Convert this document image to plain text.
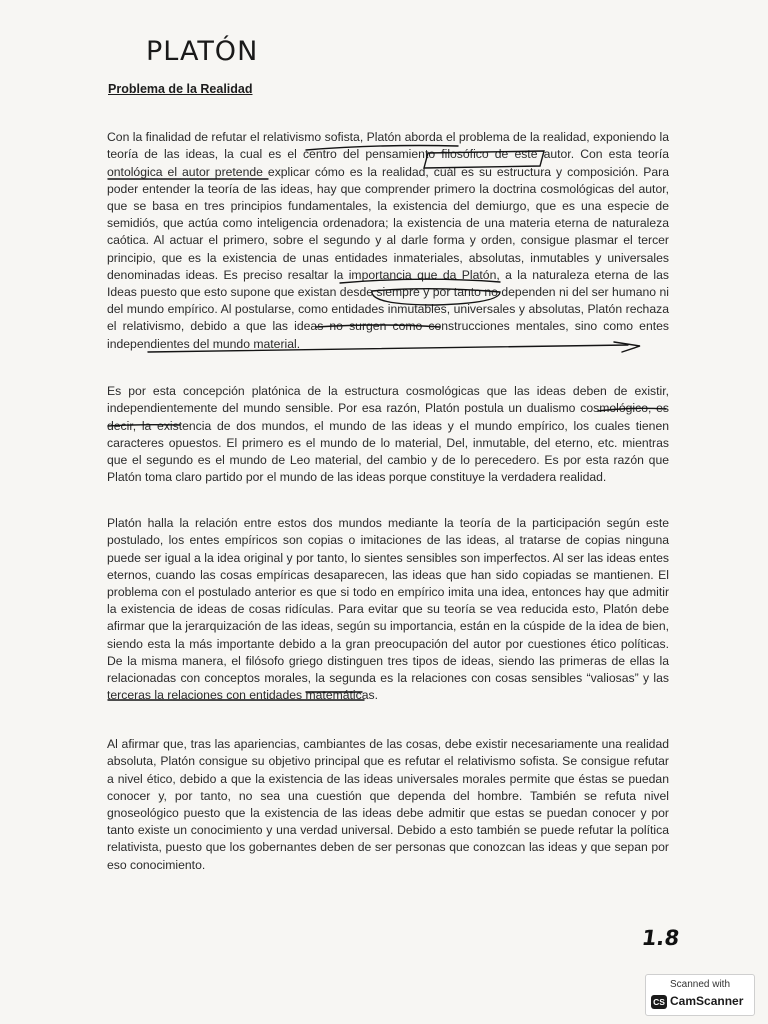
PLATÓN
Problema de la Realidad

Con la finalidad de refutar el relativismo sofista, Platón aborda el problema de la realidad, exponiendo la teoría de las ideas, la cual es el centro del pensamiento filosófico de este autor. Con esta teoría ontológica el autor pretende explicar cómo es la realidad, cuál es su estructura y composición. Para poder entender la teoría de las ideas, hay que comprender primero la doctrina cosmológicas del autor, que se basa en tres principios fundamentales, la existencia del demiurgo, que es una especie de semidiós, que actúa como inteligencia ordenadora; la existencia de una materia eterna de naturaleza caótica. Al actuar el primero, sobre el segundo y al darle forma y orden, consigue plasmar el tercer principio, que es la existencia de unas entidades inmateriales, absolutas, inmutables y universales denominadas ideas. Es preciso resaltar la importancia que da Platón, a la naturaleza eterna de las Ideas puesto que esto supone que existan desde siempre y por tanto no dependen ni del ser humano ni del mundo empírico. Al postularse, como entidades inmutables, universales y absolutas, Platón rechaza el relativismo, debido a que las ideas no surgen como construcciones mentales, sino como entes independientes del mundo material.

Es por esta concepción platónica de la estructura cosmológicas que las ideas deben de existir, independientemente del mundo sensible. Por esa razón, Platón postula un dualismo cosmológico, es decir, la existencia de dos mundos, el mundo de las ideas y el mundo empírico, los cuales tienen caracteres opuestos. El primero es el mundo de lo material, Del, inmutable, del eterno, etc. mientras que el segundo es el mundo de Leo material, del cambio y de lo perecedero. Es por esta razón que Platón toma claro partido por el mundo de las ideas porque constituye la verdadera realidad.

Platón halla la relación entre estos dos mundos mediante la teoría de la participación según este postulado, los entes empíricos son copias o imitaciones de las ideas, al tratarse de copias ninguna puede ser igual a la idea original y por tanto, lo sientes sensibles son imperfectos. Al ser las ideas entes eternos, cuando las cosas empíricas desaparecen, las ideas que han sido copiadas se mantienen. El problema con el postulado anterior es que si todo en empírico imita una idea, entonces hay que admitir la existencia de ideas de cosas ridículas. Para evitar que su teoría se vea reducida esto, Platón debe afirmar que la jerarquización de las ideas, según su importancia, están en la cúspide de la idea de bien, siendo esta la más importante debido a la gran preocupación del autor por cuestiones ético políticas. De la misma manera, el filósofo griego distinguen tres tipos de ideas, siendo las primeras de ellas la relacionadas con conceptos morales, la segunda es la relaciones con cosas sensibles “valiosas” y las terceras la relaciones con entidades matemáticas.

Al afirmar que, tras las apariencias, cambiantes de las cosas, debe existir necesariamente una realidad absoluta, Platón consigue su objetivo principal que es refutar el relativismo sofista. Se consigue refutar a nivel ético, debido a que la existencia de las ideas universales morales permite que éstas se puedan conocer y, por tanto, no sea una cuestión que dependa del hombre. También se refuta nivel gnoseológico puesto que la existencia de las ideas debe admitir que estas se puedan conocer y por tanto existe un conocimiento y una verdad universal. Debido a esto también se puede refutar la política relativista, puesto que los gobernantes deben de ser personas que conozcan las ideas y que sepan por eso conocimiento.

1.8
Scanned with
CS CamScanner
